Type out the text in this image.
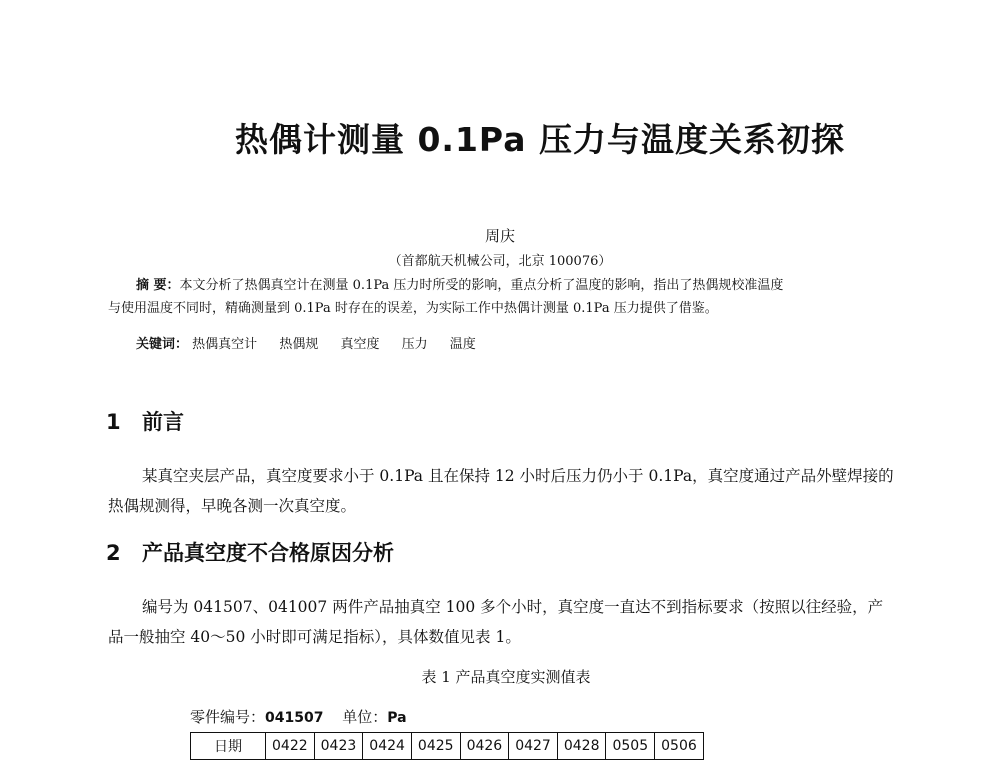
热偶计测量 0.1Pa 压力与温度关系初探
周庆
（首都航天机械公司，北京 100076）
摘 要：本文分析了热偶真空计在测量 0.1Pa 压力时所受的影响，重点分析了温度的影响，指出了热偶规校准温度
与使用温度不同时，精确测量到 0.1Pa 时存在的误差，为实际工作中热偶计测量 0.1Pa 压力提供了借鉴。
关键词： 热偶真空计 热偶规 真空度 压力 温度
1 前言
某真空夹层产品，真空度要求小于 0.1Pa 且在保持 12 小时后压力仍小于 0.1Pa，真空度通过产品外壁焊接的热偶规测得，早晚各测一次真空度。
2 产品真空度不合格原因分析
编号为 041507、041007 两件产品抽真空 100 多个小时，真空度一直达不到指标要求（按照以往经验，产品一般抽空 40～50 小时即可满足指标），具体数值见表 1。
表 1 产品真空度实测值表
零件编号：041507 单位：Pa
日期	0422	0423	0424	0425	0426	0427	0428	0505	0506
